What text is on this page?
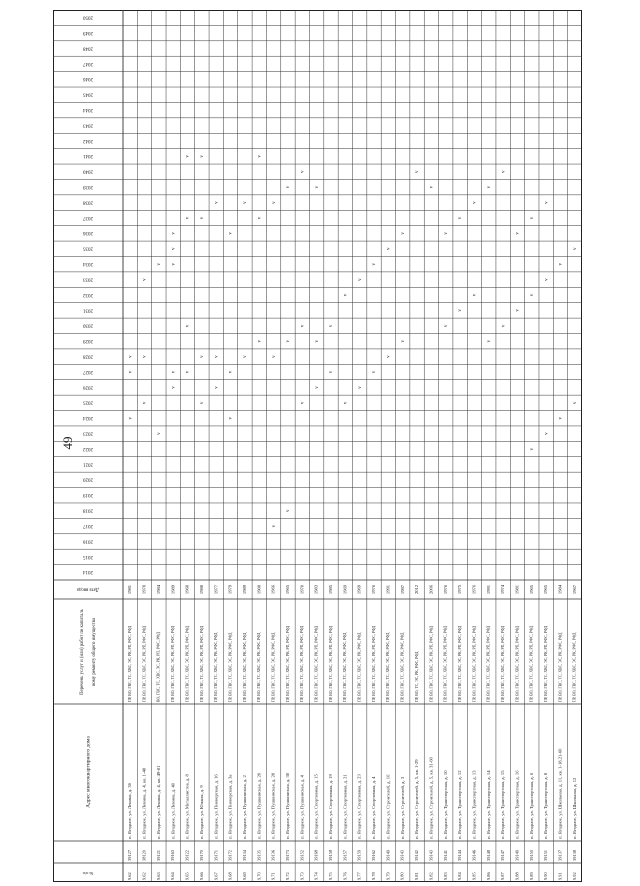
49
№ п/п
Адрес многоквартирного дома
Перечень услуг и (или) работ по капиталь ному ремонту общего имущества
Дата ввода
2014
2015
2016
2017
2018
2019
2020
2021
2022
2023
2024
2025
2026
2027
2028
2029
2030
2031
2032
2033
2034
2035
2036
2037
2038
2039
2040
2041
2042
2043
2044
2045
2046
2047
2048
2049
2050
9.62
39127
п. Ягодное, ул. Ленина, д. 36
ПР, ВО, ГВС, ТС, ХВС, ЭС, РК, РП, РФС, РФД
1981
v
v
v
9.62
38120
п. Ягодное, ул. Ленина, д. 4, кв. 1-48
ПР, ВО, ГВС, ТС, ХВС, ЭС, РК, РП, РФС, РФД
1978
v
v
v
9.63
39121
п. Ягодное, ул. Ленина, д. 4, кв. 49-81
ВО, ГВС, ТС, ХВС, ЭС, РК, РП, РФС, РФД
1984
v
v
9.64
39163
п. Ягодное, ул. Ленина, д. 40
ПР, ВО, ГВС, ТС, ХВС, ЭС, РК, РП, РФС, РФД
1989
v
v
v
v
v
9.65
39122
п. Ягодное, ул. Металлистов, д. 8
ПР, ВО, ГВС, ТС, ХВС, ЭС, РК, РП, РФС, РФД
1968
v
v
v
v
9.66
39170
п. Ягодное, ул. Южная, д. 9
ПР, ВО, ГВС, ТС, ХВС, ЭС, РК, РП, РФС, РФД
1988
v
v
v
v
9.67
39171
п. Ягодное, ул. Пионерская, д. 16
ПР, ВО, ГВС, ТС, ХВС, ЭС, РК, РФС, РФД
1977
v
v
v
9.68
39172
п. Ягодное, ул. Пионерская, д. 3а
ПР, ВО, ГВС, ТС, ХВС, ЭС, РК, РФС, РФД
1979
v
v
v
9.69
39134
п. Ягодное, ул. Пушкинская, д. 2
ПР, ВО, ГВС, ТС, ХВС, ЭС, РК, РФС, РФД
1989
v
v
9.70
39135
п. Ягодное, ул. Пушкинская, д. 20
ПР, ВО, ГВС, ТС, ХВС, ЭС, РК, РФС, РФД
1908
v
v
v
9.71
39136
п. Ягодное, ул. Пушкинская, д. 28
ПР, ВО, ГВС, ТС, ХВС, ЭС, РК, РФС, РФД
1966
v
v
v
9.72
39173
п. Ягодное, ул. Пушкинская, д. 30
ПР, ВО, ГВС, ТС, ХВС, ЭС, РК, РП, РФС, РФД
1965
v
v
v
9.73
39152
п. Ягодное, ул. Пушкинская, д. 4
ПР, ВО, ГВС, ТС, ХВС, ЭС, РК, РП, РФС, РФД
1970
v
v
v
9.74
39168
п. Ягодное, ул. Спортивная, д. 15
ПР, ВО, ГВС, ТС, ХВС, ЭС, РК, РП, РФС, РФД
1983
v
v
v
9.75
39158
п. Ягодное, ул. Спортивная, д. 19
ПР, ВО, ГВС, ТС, ХВС, ЭС, РК, РП, РФС, РФД
1985
v
v
9.76
39157
п. Ягодное, ул. Спортивная, д. 21
ПР, ВО, ГВС, ТС, ХВС, ЭС, РК, РФС, РФД
1969
v
v
9.77
39159
п. Ягодное, ул. Спортивная, д. 23
ПР, ВО, ГВС, ТС, ХВС, ЭС, РК, РФС, РФД
1969
v
v
9.78
39162
п. Ягодное, ул. Спортивная, д. 4
ПР, ВО, ГВС, ТС, ХВС, ЭС, РК, РП, РФС, РФД
1976
v
v
9.79
39149
п. Ягодное, ул. Строителей, д. 16
ПР, ВО, ГВС, ТС, ХВС, ЭС, РК, РФС, РФД
1991
v
v
9.80
39143
п. Ягодное, ул. Строителей, д. 3
ПР, ВО, ГВС, ТС, ХВС, ЭС, РК, РФС, РФД
1987
v
v
9.81
39142
п. Ягодное, ул. Строителей, д. 5, кв. 1-29
ПР, ВО, ТС, ЭС, РК, РФС, РФД
2012
v
9.82
39143
п. Ягодное, ул. Строителей, д. 5, кв. 31-60
ПР, ВО, ГВС, ТС, ХВС, ЭС, РК, РП, РФС, РФД
2006
v
9.83
39141
п. Ягодное, ул. Транспортная, д. 10
ПР, ВО, ГВС, ТС, ХВС, ЭС, РК, РП, РФС, РФД
1976
v
v
9.84
39144
п. Ягодное, ул. Транспортная, д. 12
ПР, ВО, ГВС, ТС, ХВС, ЭС, РК, РП, РФС, РФД
1975
v
v
9.85
39146
п. Ягодное, ул. Транспортная, д. 13
ПР, ВО, ГВС, ТС, ХВС, ЭС, РК, РП, РФС, РФД
1976
v
v
9.86
39148
п. Ягодное, ул. Транспортная, д. 14
ПР, ВО, ГВС, ТС, ХВС, ЭС, РК, РП, РФС, РФД
1991
v
v
9.87
39147
п. Ягодное, ул. Транспортная, д. 15
ПР, ВО, ГВС, ТС, ХВС, ЭС, РК, РП, РФС, РФД
1974
v
v
9.88
39149
п. Ягодное, ул. Транспортная, д. 16
ПР, ВО, ГВС, ТС, ХВС, ЭС, РК, РП, РФС, РФД
1981
v
v
9.89
39150
п. Ягодное, ул. Транспортная, д. 6
ПР, ВО, ГВС, ТС, ХВС, ЭС, РК, РП, РФС, РФД
1965
v
v
v
9.90
39151
п. Ягодное, ул. Транспортная, д. 8
ПР, ВО, ГВС, ТС, ХВС, ЭС, РК, РП, РФС, РФД
1965
v
v
v
9.91
39137
п. Ягодное, ул. Школьная, д. 11, кв. 1-18,21-60
ПР, ВО, ГВС, ТС, ХВС, ЭС, РК, РФС, РФД
1984
v
v
9.92
39138
п. Ягодное, ул. Школьная, д. 12
ПР, ВО, ГВС, ТС, ХВС, ЭС, РК, РФС, РФД
1967
v
v
